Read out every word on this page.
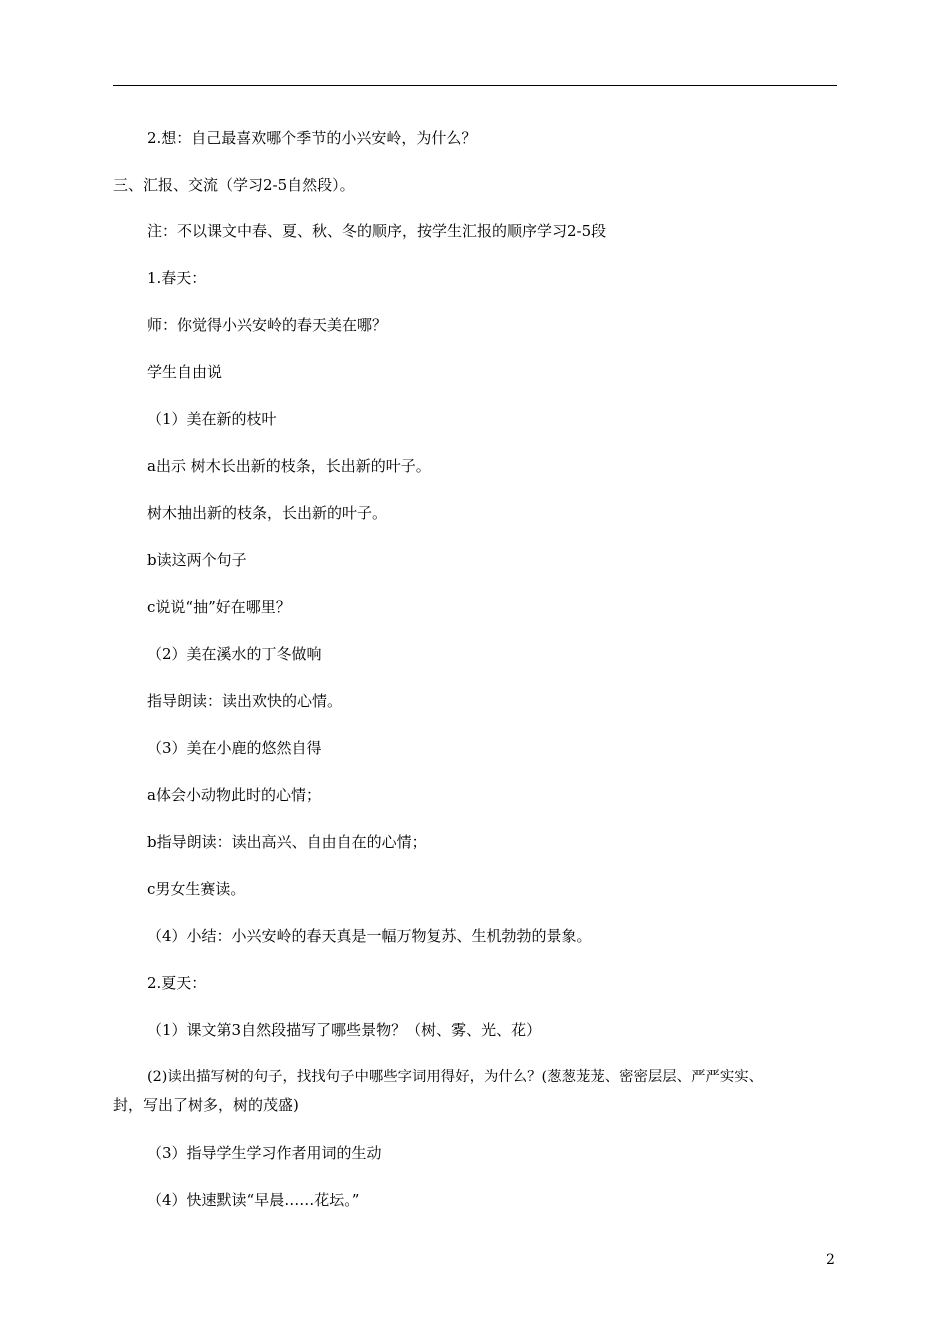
2.想：自己最喜欢哪个季节的小兴安岭，为什么？
三、汇报、交流（学习2-5自然段）。
注：不以课文中春、夏、秋、冬的顺序，按学生汇报的顺序学习2-5段
1.春天：
师：你觉得小兴安岭的春天美在哪？
学生自由说
（1）美在新的枝叶
a出示 树木长出新的枝条，长出新的叶子。
树木抽出新的枝条，长出新的叶子。
b读这两个句子
c说说“抽”好在哪里？
（2）美在溪水的丁冬做响
指导朗读：读出欢快的心情。
（3）美在小鹿的悠然自得
a体会小动物此时的心情；
b指导朗读：读出高兴、自由自在的心情；
c男女生赛读。
（4）小结：小兴安岭的春天真是一幅万物复苏、生机勃勃的景象。
2.夏天：
（1）课文第3自然段描写了哪些景物？（树、雾、光、花）
(2)读出描写树的句子，找找句子中哪些字词用得好，为什么？(葱葱茏茏、密密层层、严严实实、
封，写出了树多，树的茂盛)
（3）指导学生学习作者用词的生动
（4）快速默读“早晨……花坛。”
2
